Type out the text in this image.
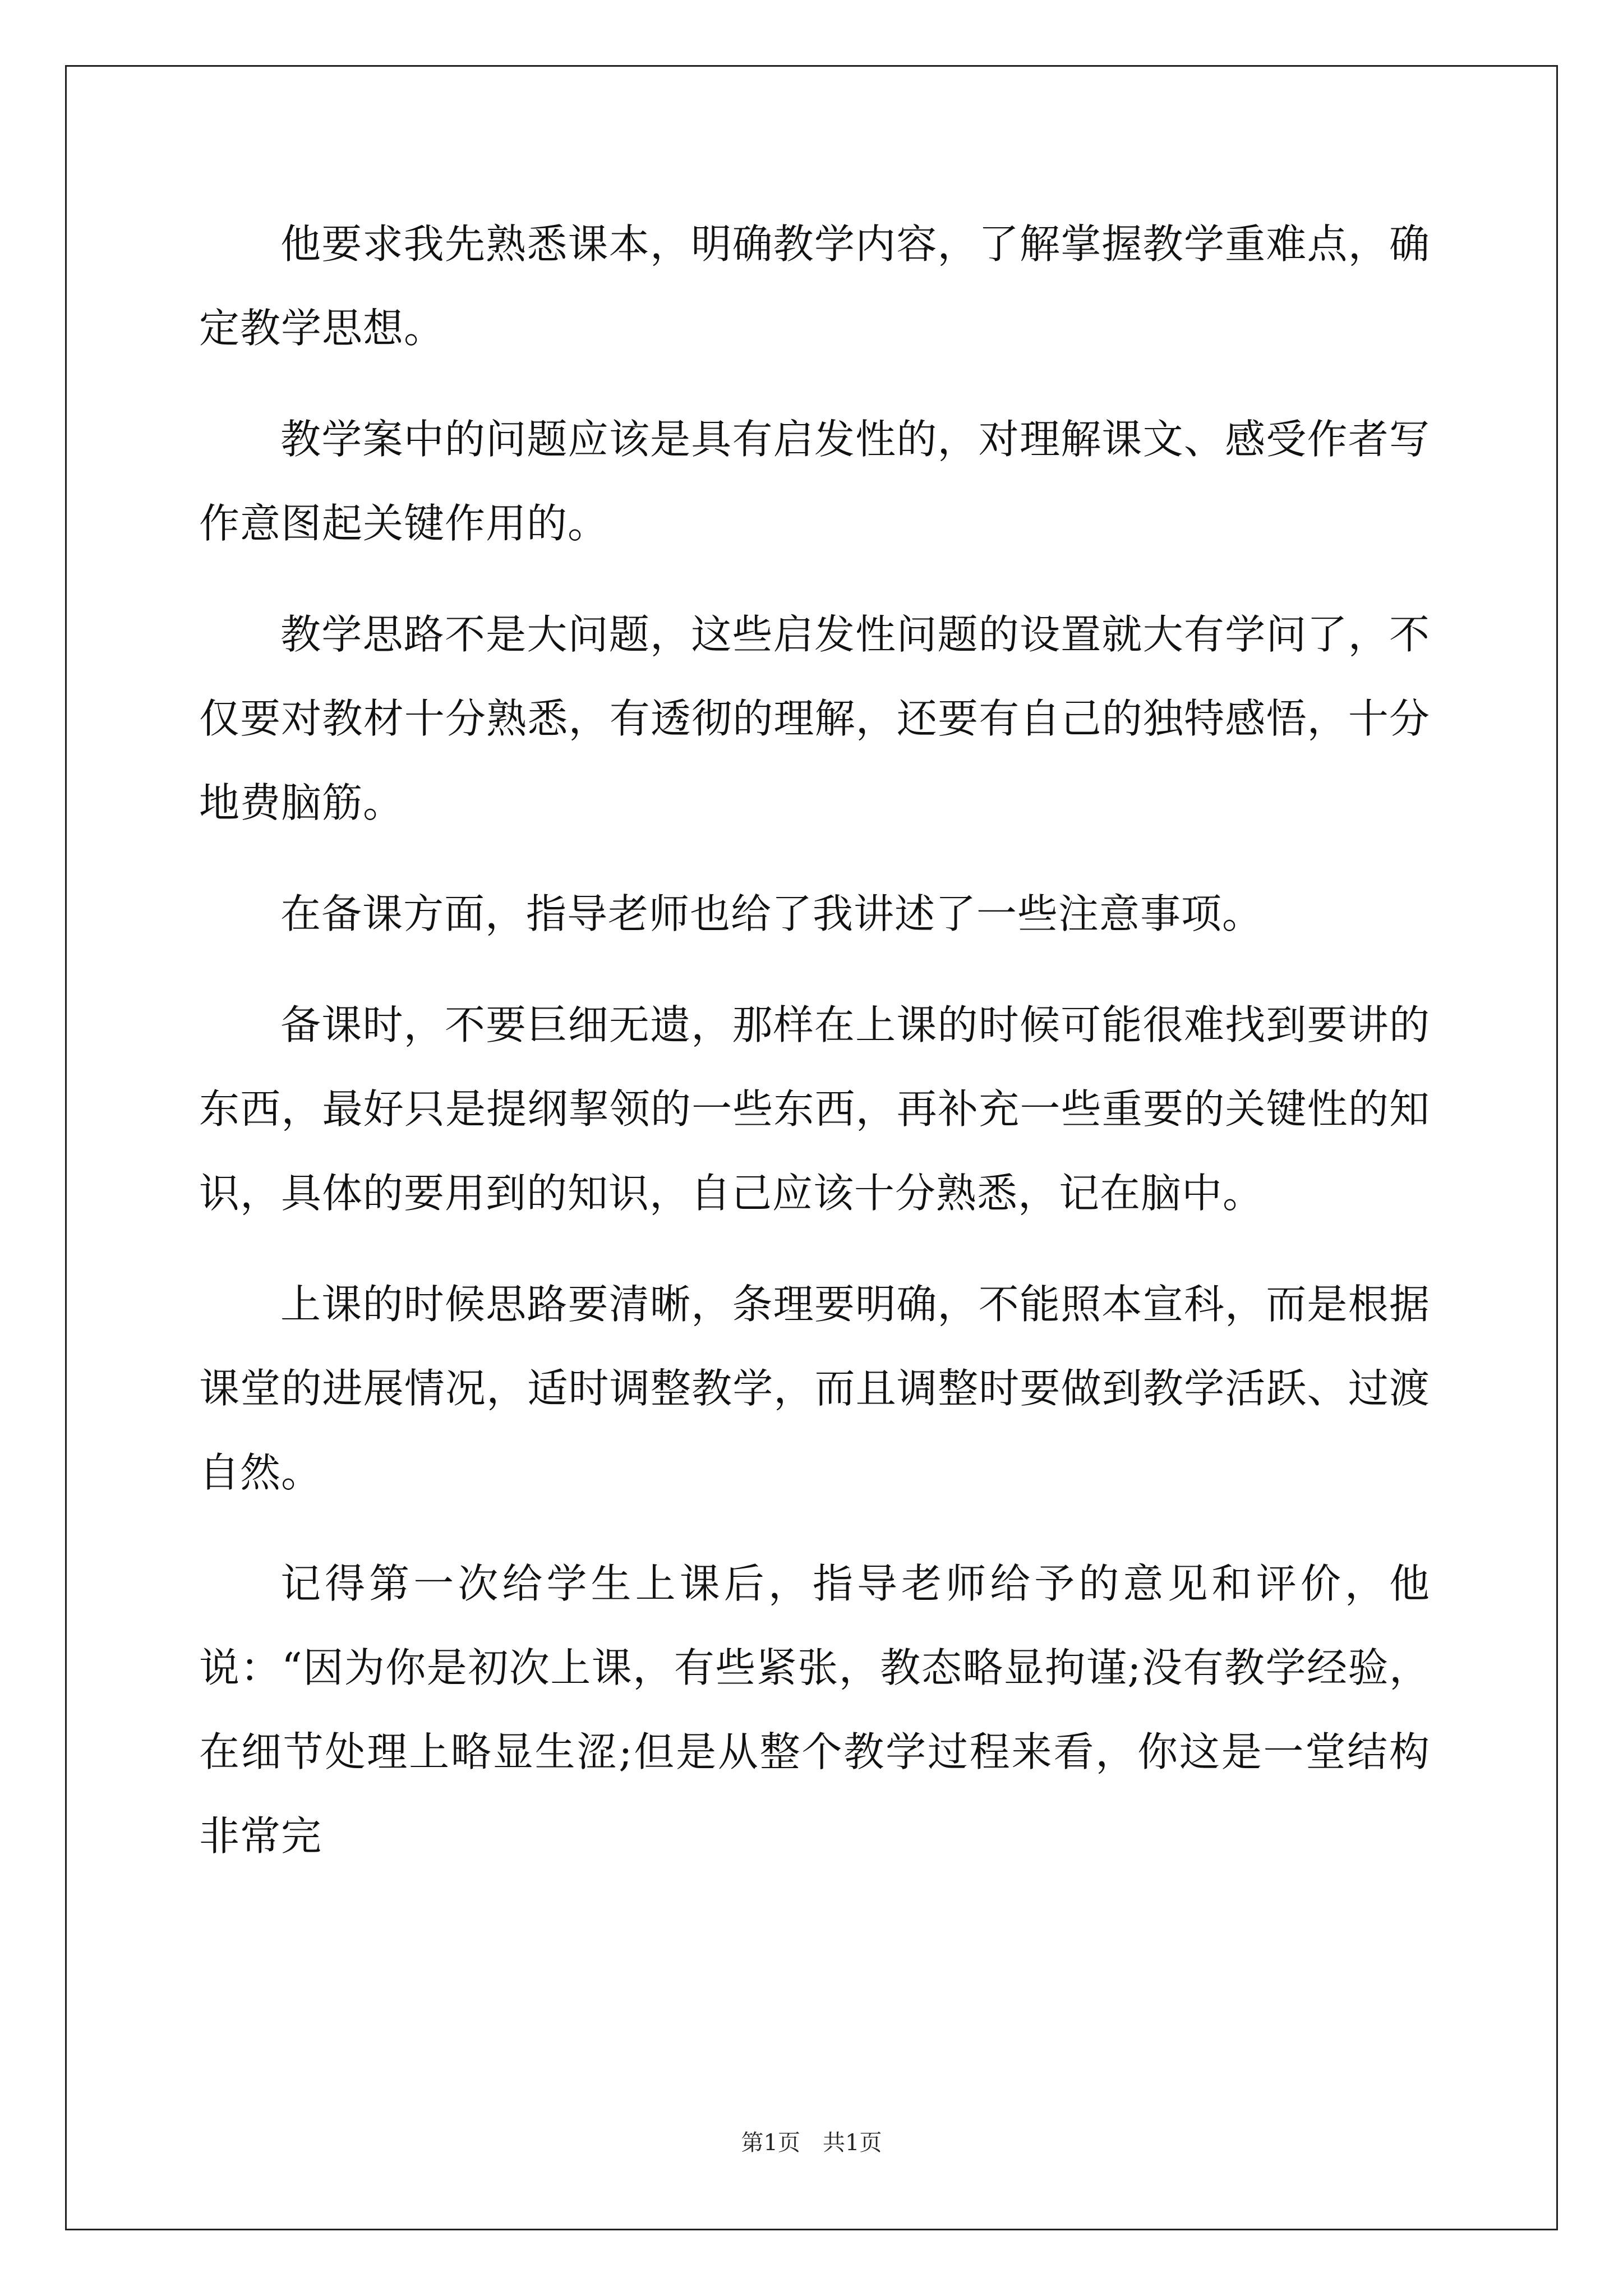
他要求我先熟悉课本，明确教学内容，了解掌握教学重难点，确定教学思想。

教学案中的问题应该是具有启发性的，对理解课文、感受作者写作意图起关键作用的。

教学思路不是大问题，这些启发性问题的设置就大有学问了，不仅要对教材十分熟悉，有透彻的理解，还要有自己的独特感悟，十分地费脑筋。

在备课方面，指导老师也给了我讲述了一些注意事项。

备课时，不要巨细无遗，那样在上课的时候可能很难找到要讲的东西，最好只是提纲挈领的一些东西，再补充一些重要的关键性的知识，具体的要用到的知识，自己应该十分熟悉，记在脑中。

上课的时候思路要清晰，条理要明确，不能照本宣科，而是根据课堂的进展情况，适时调整教学，而且调整时要做到教学活跃、过渡自然。

记得第一次给学生上课后，指导老师给予的意见和评价，他说：“因为你是初次上课，有些紧张，教态略显拘谨;没有教学经验，在细节处理上略显生涩;但是从整个教学过程来看，你这是一堂结构非常完

第1页 共1页
